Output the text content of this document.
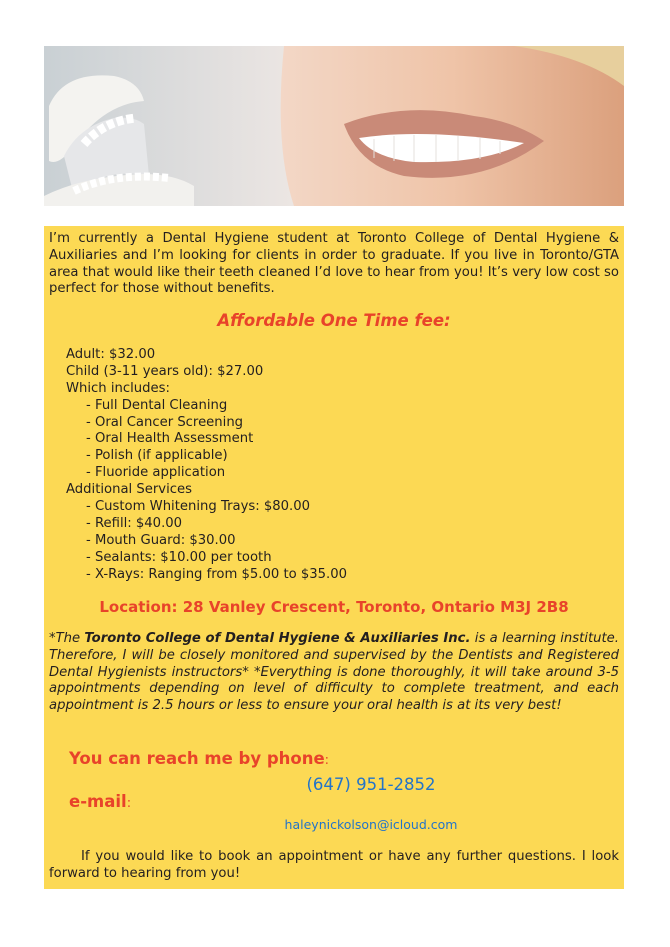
I’m currently a Dental Hygiene student at Toronto College of Dental Hygiene & Auxiliaries and I’m looking for clients in order to graduate. If you live in Toronto/GTA area that would like their teeth cleaned I’d love to hear from you! It’s very low cost so perfect for those without benefits.
Affordable One Time fee:
Adult: $32.00
Child (3-11 years old): $27.00
Which includes:
- Full Dental Cleaning
- Oral Cancer Screening
- Oral Health Assessment
- Polish (if applicable)
- Fluoride application
Additional Services
- Custom Whitening Trays: $80.00
- Refill: $40.00
- Mouth Guard: $30.00
- Sealants: $10.00 per tooth
- X-Rays: Ranging from $5.00 to $35.00
Location: 28 Vanley Crescent, Toronto, Ontario M3J 2B8
*The Toronto College of Dental Hygiene & Auxiliaries Inc. is a learning institute. Therefore, I will be closely monitored and supervised by the Dentists and Registered Dental Hygienists instructors* *Everything is done thoroughly, it will take around 3-5 appointments depending on level of difficulty to complete treatment, and each appointment is 2.5 hours or less to ensure your oral health is at its very best!
You can reach me by phone:
(647) 951-2852
e-mail:
haleynickolson@icloud.com
If you would like to book an appointment or have any further questions. I look forward to hearing from you!
